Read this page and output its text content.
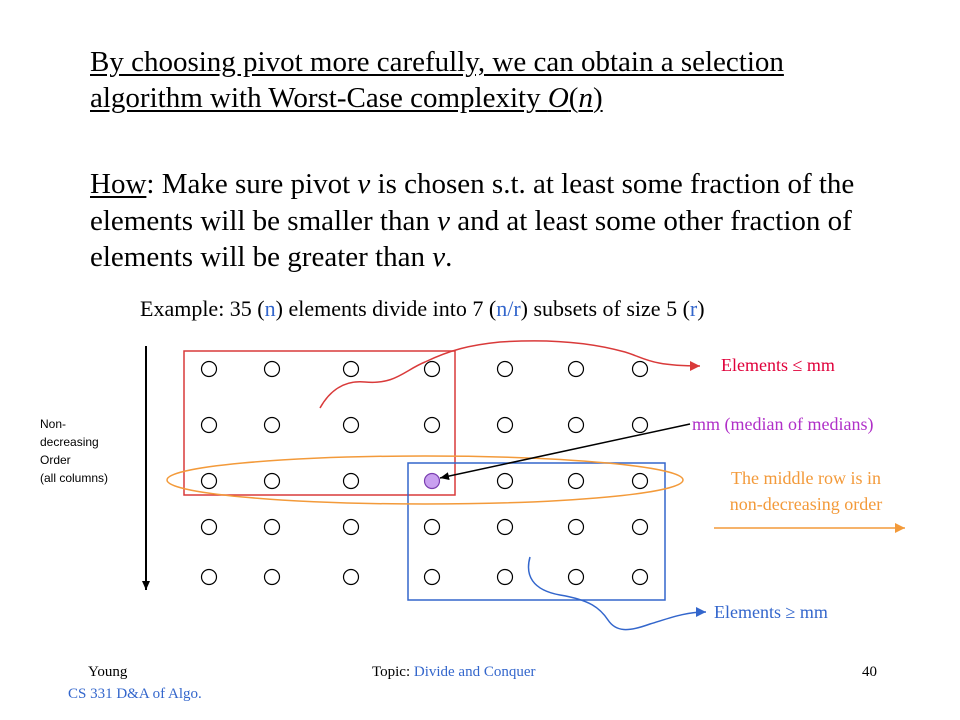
By choosing pivot more carefully, we can obtain a selection
algorithm with Worst-Case complexity O(n)
How: Make sure pivot v is chosen s.t. at least some fraction of the elements will be smaller than v and at least some other fraction of elements will be greater than v.
Example: 35 (n) elements divide into 7 (n/r) subsets of size 5 (r)
Non-
decreasing
Order
(all columns)
Elements ≤ mm
mm (median of medians)
The middle row is in
non-decreasing order
Elements ≥ mm
Young
CS 331 D&A of Algo.
Topic: Divide and Conquer	40
